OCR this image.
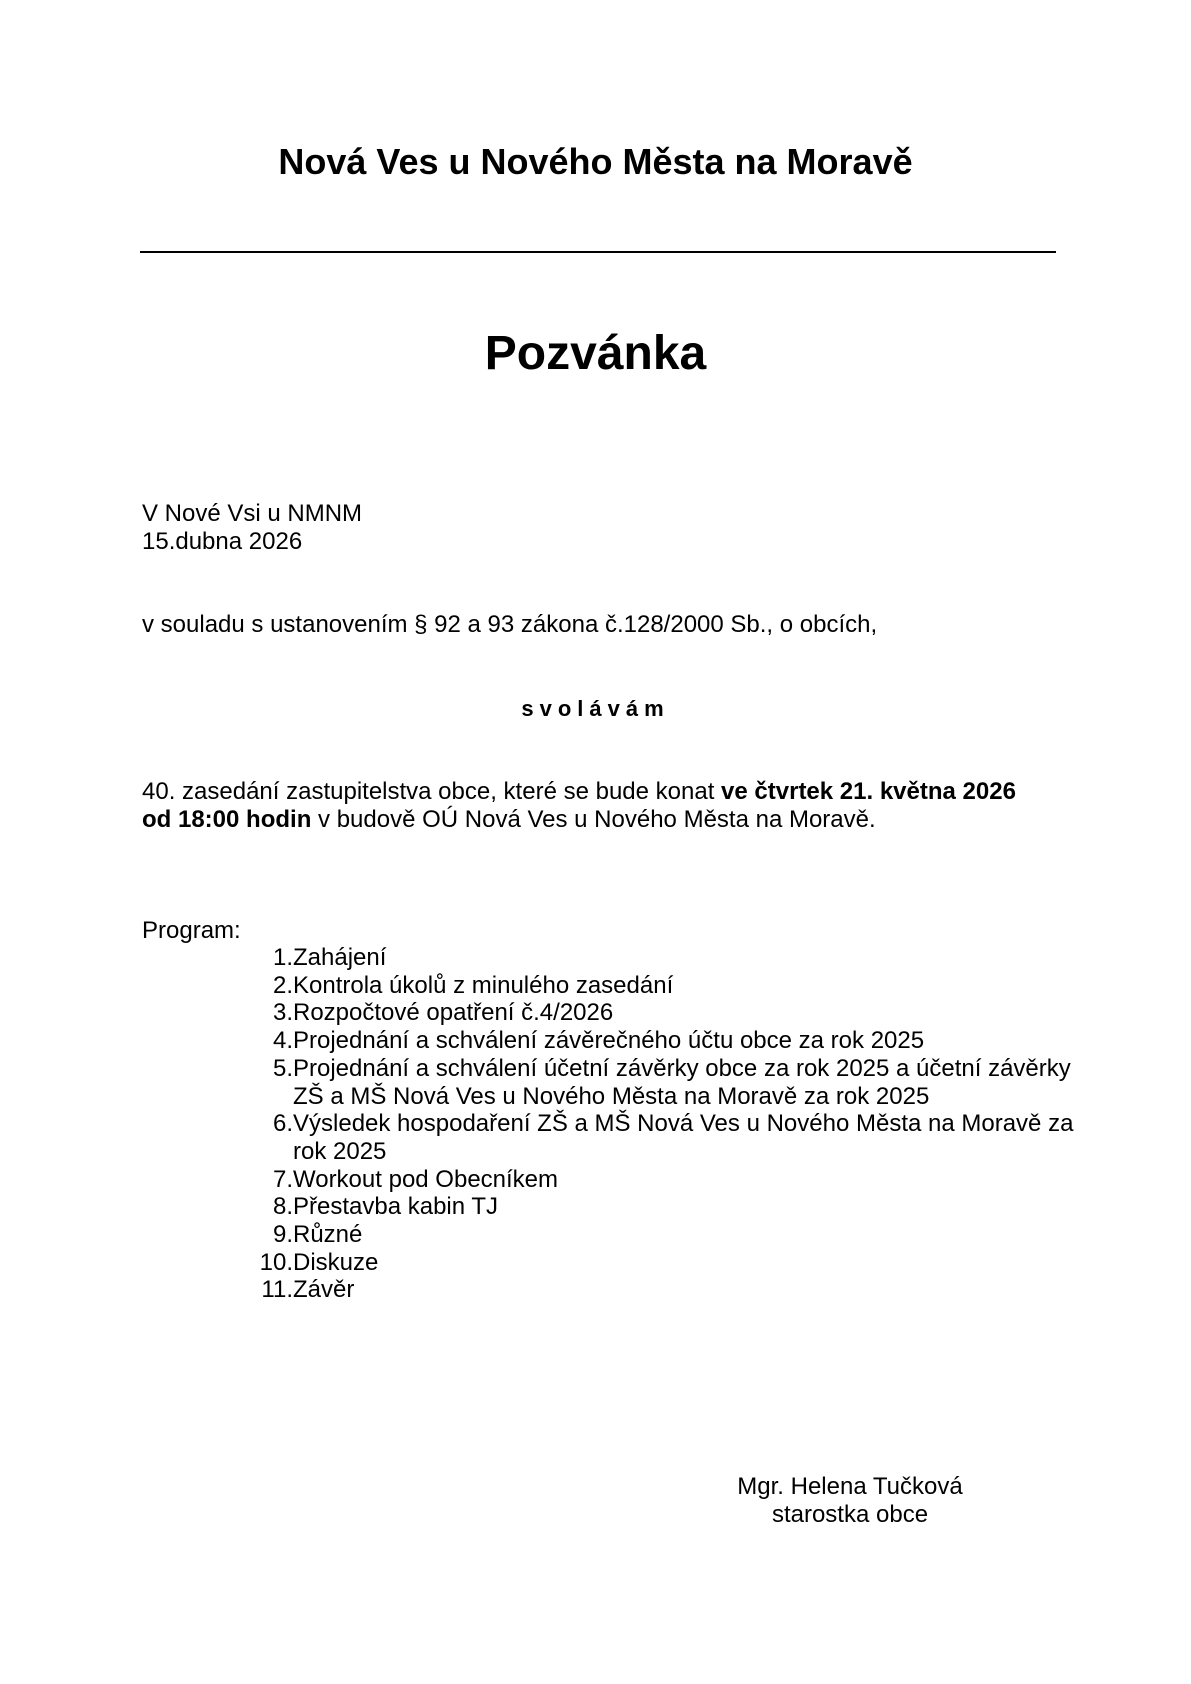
Nová Ves u Nového Města na Moravě
Pozvánka
V Nové Vsi u NMNM
15.dubna 2026
v souladu s ustanovením § 92 a 93 zákona č.128/2000 Sb., o obcích,
svolávám
40. zasedání zastupitelstva obce, které se bude konat ve čtvrtek 21. května 2026
od 18:00 hodin v budově OÚ Nová Ves u Nového Města na Moravě.
Program:
1. Zahájení
2. Kontrola úkolů z minulého zasedání
3. Rozpočtové opatření č.4/2026
4. Projednání a schválení závěrečného účtu obce za rok 2025
5. Projednání a schválení účetní závěrky obce za rok 2025 a účetní závěrky ZŠ a MŠ Nová Ves u Nového Města na Moravě za rok 2025
6. Výsledek hospodaření ZŠ a MŠ Nová Ves u Nového Města na Moravě za rok 2025
7. Workout pod Obecníkem
8. Přestavba kabin TJ
9. Různé
10. Diskuze
11. Závěr
Mgr. Helena Tučková
starostka obce
